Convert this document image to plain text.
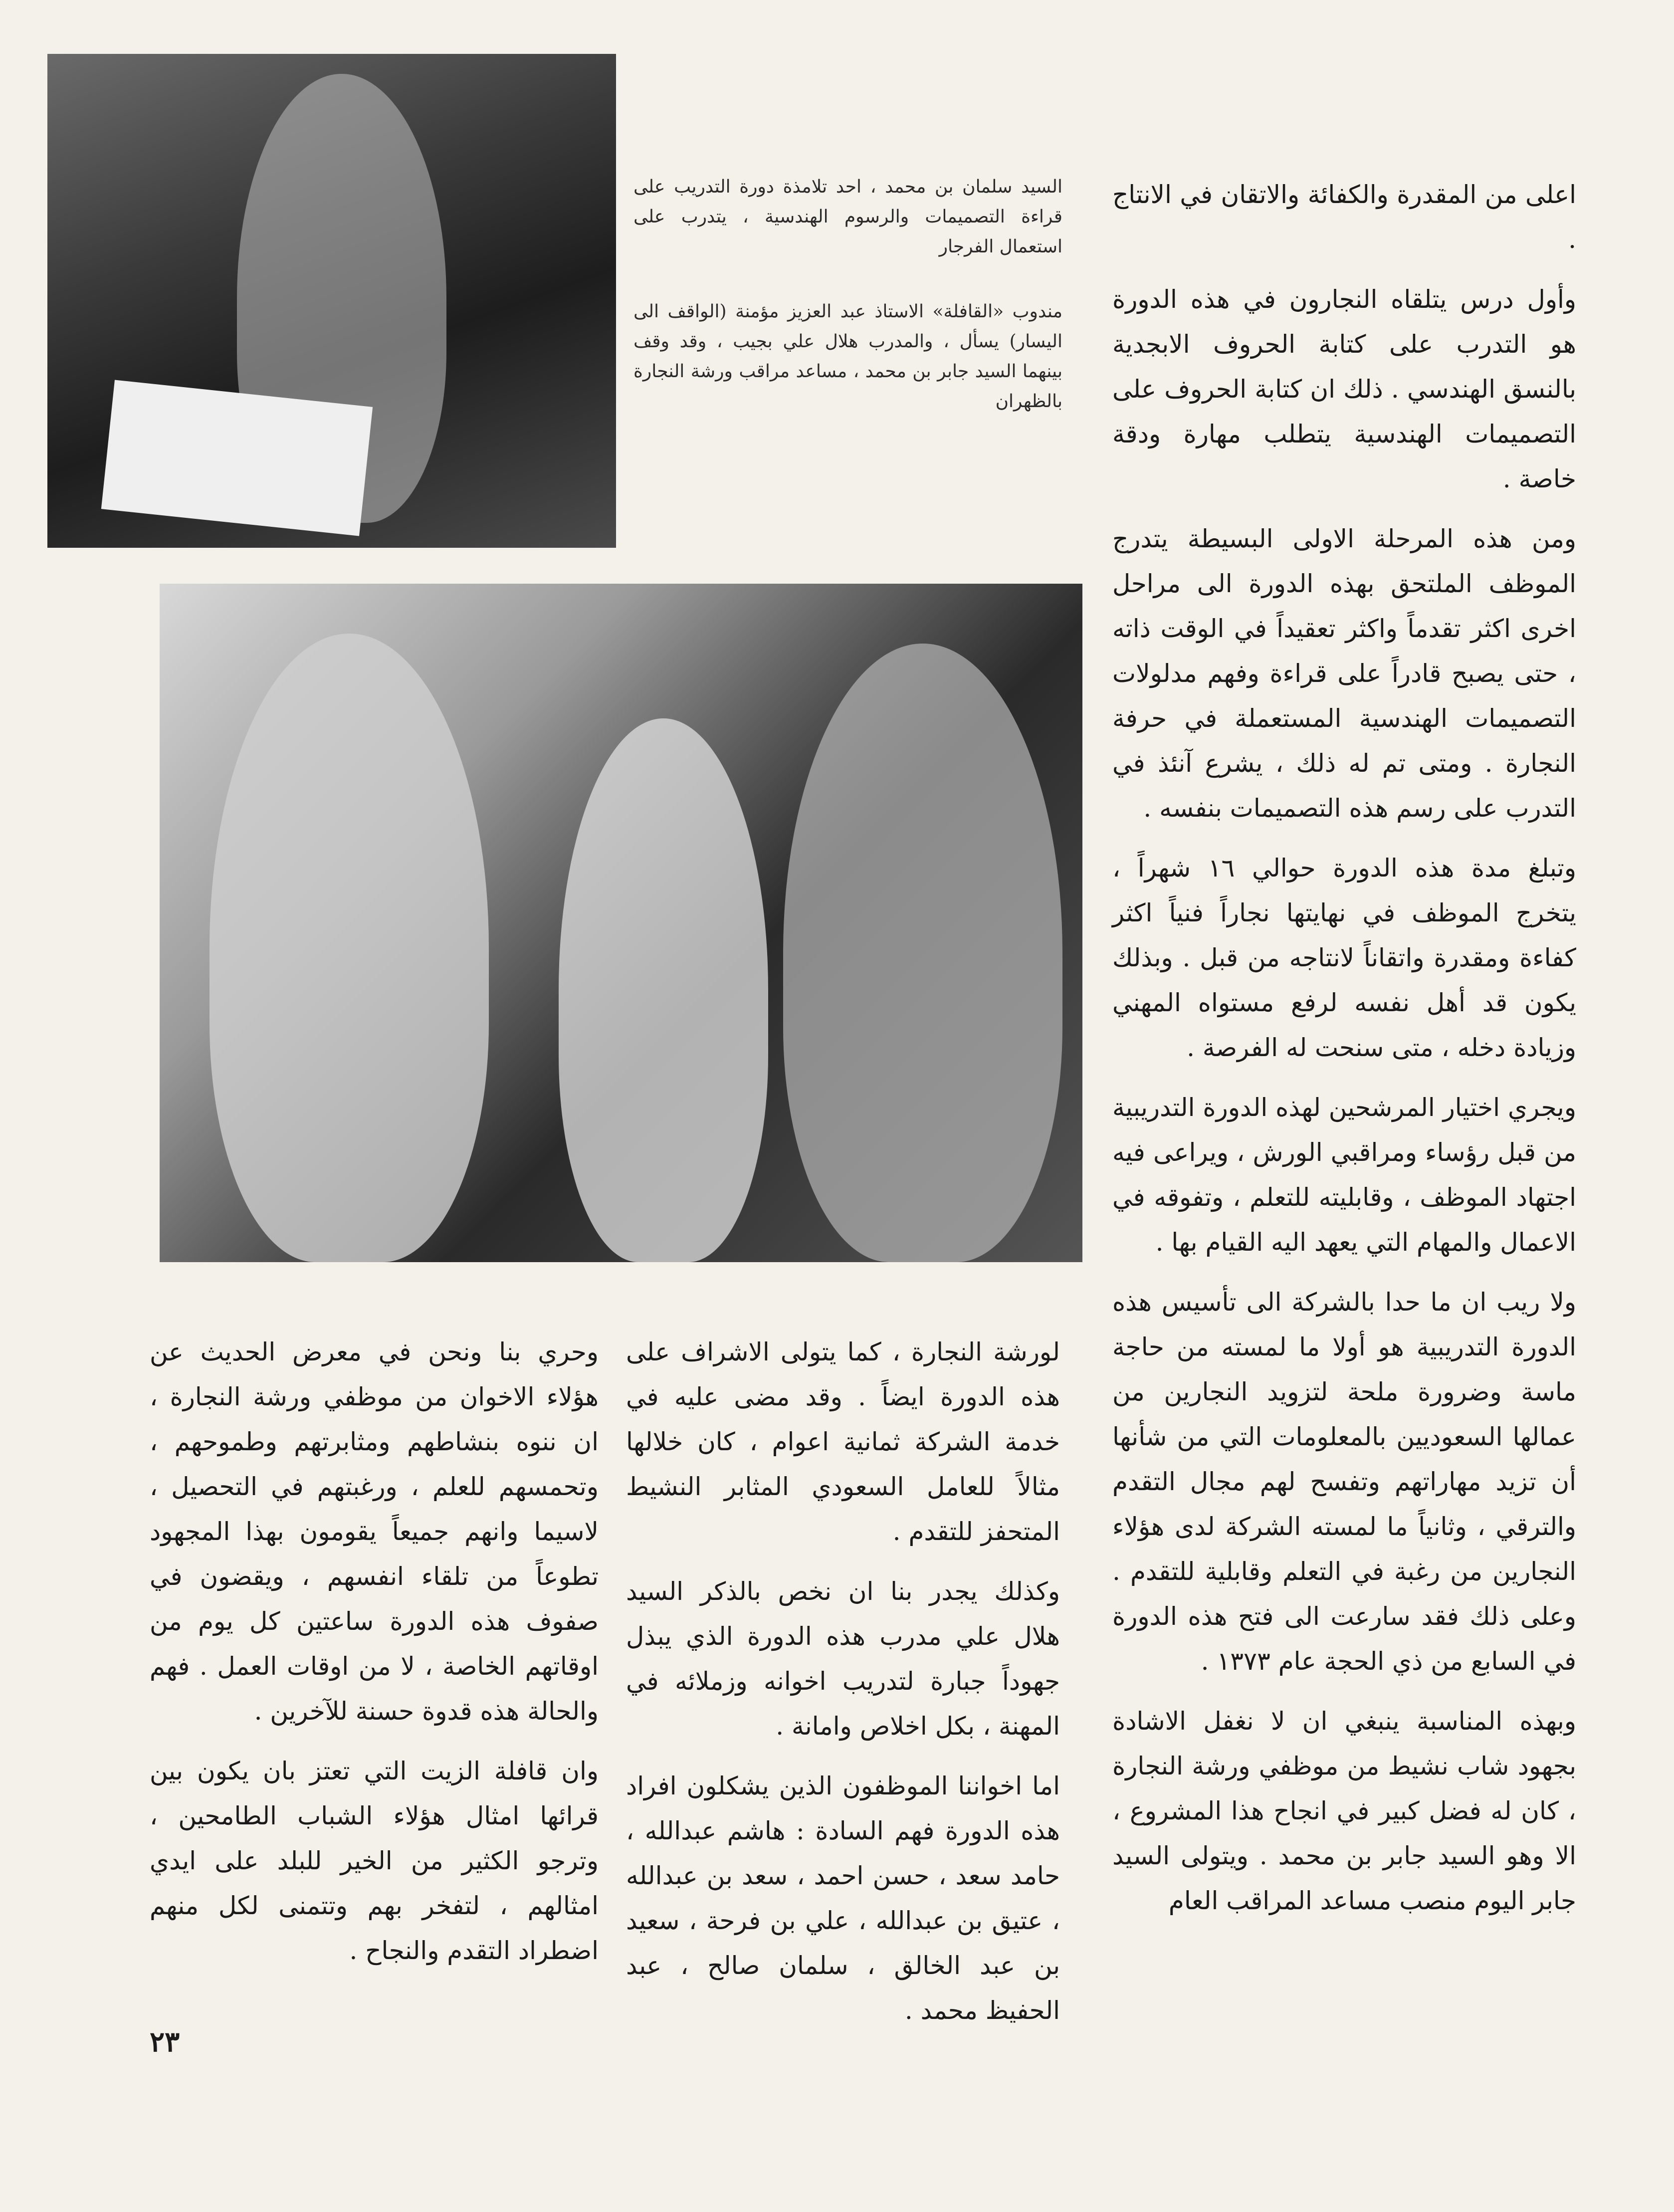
السيد سلمان بن محمد ، احد تلامذة دورة التدريب على قراءة التصميمات والرسوم الهندسية ، يتدرب على استعمال الفرجار

مندوب «القافلة» الاستاذ عبد العزيز مؤمنة (الواقف الى اليسار) يسأل ، والمدرب هلال علي بجيب ، وقد وقف بينهما السيد جابر بن محمد ، مساعد مراقب ورشة النجارة بالظهران

اعلى من المقدرة والكفائة والاتقان في الانتاج .

وأول درس يتلقاه النجارون في هذه الدورة هو التدرب على كتابة الحروف الابجدية بالنسق الهندسي . ذلك ان كتابة الحروف على التصميمات الهندسية يتطلب مهارة ودقة خاصة .

ومن هذه المرحلة الاولى البسيطة يتدرج الموظف الملتحق بهذه الدورة الى مراحل اخرى اكثر تقدماً واكثر تعقيداً في الوقت ذاته ، حتى يصبح قادراً على قراءة وفهم مدلولات التصميمات الهندسية المستعملة في حرفة النجارة . ومتى تم له ذلك ، يشرع آنئذ في التدرب على رسم هذه التصميمات بنفسه .

وتبلغ مدة هذه الدورة حوالي ١٦ شهراً ، يتخرج الموظف في نهايتها نجاراً فنياً اكثر كفاءة ومقدرة واتقاناً لانتاجه من قبل . وبذلك يكون قد أهل نفسه لرفع مستواه المهني وزيادة دخله ، متى سنحت له الفرصة .

ويجري اختيار المرشحين لهذه الدورة التدريبية من قبل رؤساء ومراقبي الورش ، ويراعى فيه اجتهاد الموظف ، وقابليته للتعلم ، وتفوقه في الاعمال والمهام التي يعهد اليه القيام بها .

ولا ريب ان ما حدا بالشركة الى تأسيس هذه الدورة التدريبية هو أولا ما لمسته من حاجة ماسة وضرورة ملحة لتزويد النجارين من عمالها السعوديين بالمعلومات التي من شأنها أن تزيد مهاراتهم وتفسح لهم مجال التقدم والترقي ، وثانياً ما لمسته الشركة لدى هؤلاء النجارين من رغبة في التعلم وقابلية للتقدم . وعلى ذلك فقد سارعت الى فتح هذه الدورة في السابع من ذي الحجة عام ١٣٧٣ .

وبهذه المناسبة ينبغي ان لا نغفل الاشادة بجهود شاب نشيط من موظفي ورشة النجارة ، كان له فضل كبير في انجاح هذا المشروع ، الا وهو السيد جابر بن محمد . ويتولى السيد جابر اليوم منصب مساعد المراقب العام

لورشة النجارة ، كما يتولى الاشراف على هذه الدورة ايضاً . وقد مضى عليه في خدمة الشركة ثمانية اعوام ، كان خلالها مثالاً للعامل السعودي المثابر النشيط المتحفز للتقدم .

وكذلك يجدر بنا ان نخص بالذكر السيد هلال علي مدرب هذه الدورة الذي يبذل جهوداً جبارة لتدريب اخوانه وزملائه في المهنة ، بكل اخلاص وامانة .

اما اخواننا الموظفون الذين يشكلون افراد هذه الدورة فهم السادة : هاشم عبدالله ، حامد سعد ، حسن احمد ، سعد بن عبدالله ، عتيق بن عبدالله ، علي بن فرحة ، سعيد بن عبد الخالق ، سلمان صالح ، عبد الحفيظ محمد .

وحري بنا ونحن في معرض الحديث عن هؤلاء الاخوان من موظفي ورشة النجارة ، ان ننوه بنشاطهم ومثابرتهم وطموحهم ، وتحمسهم للعلم ، ورغبتهم في التحصيل ، لاسيما وانهم جميعاً يقومون بهذا المجهود تطوعاً من تلقاء انفسهم ، ويقضون في صفوف هذه الدورة ساعتين كل يوم من اوقاتهم الخاصة ، لا من اوقات العمل . فهم والحالة هذه قدوة حسنة للآخرين .

وان قافلة الزيت التي تعتز بان يكون بين قرائها امثال هؤلاء الشباب الطامحين ، وترجو الكثير من الخير للبلد على ايدي امثالهم ، لتفخر بهم وتتمنى لكل منهم اضطراد التقدم والنجاح .

٢٣
